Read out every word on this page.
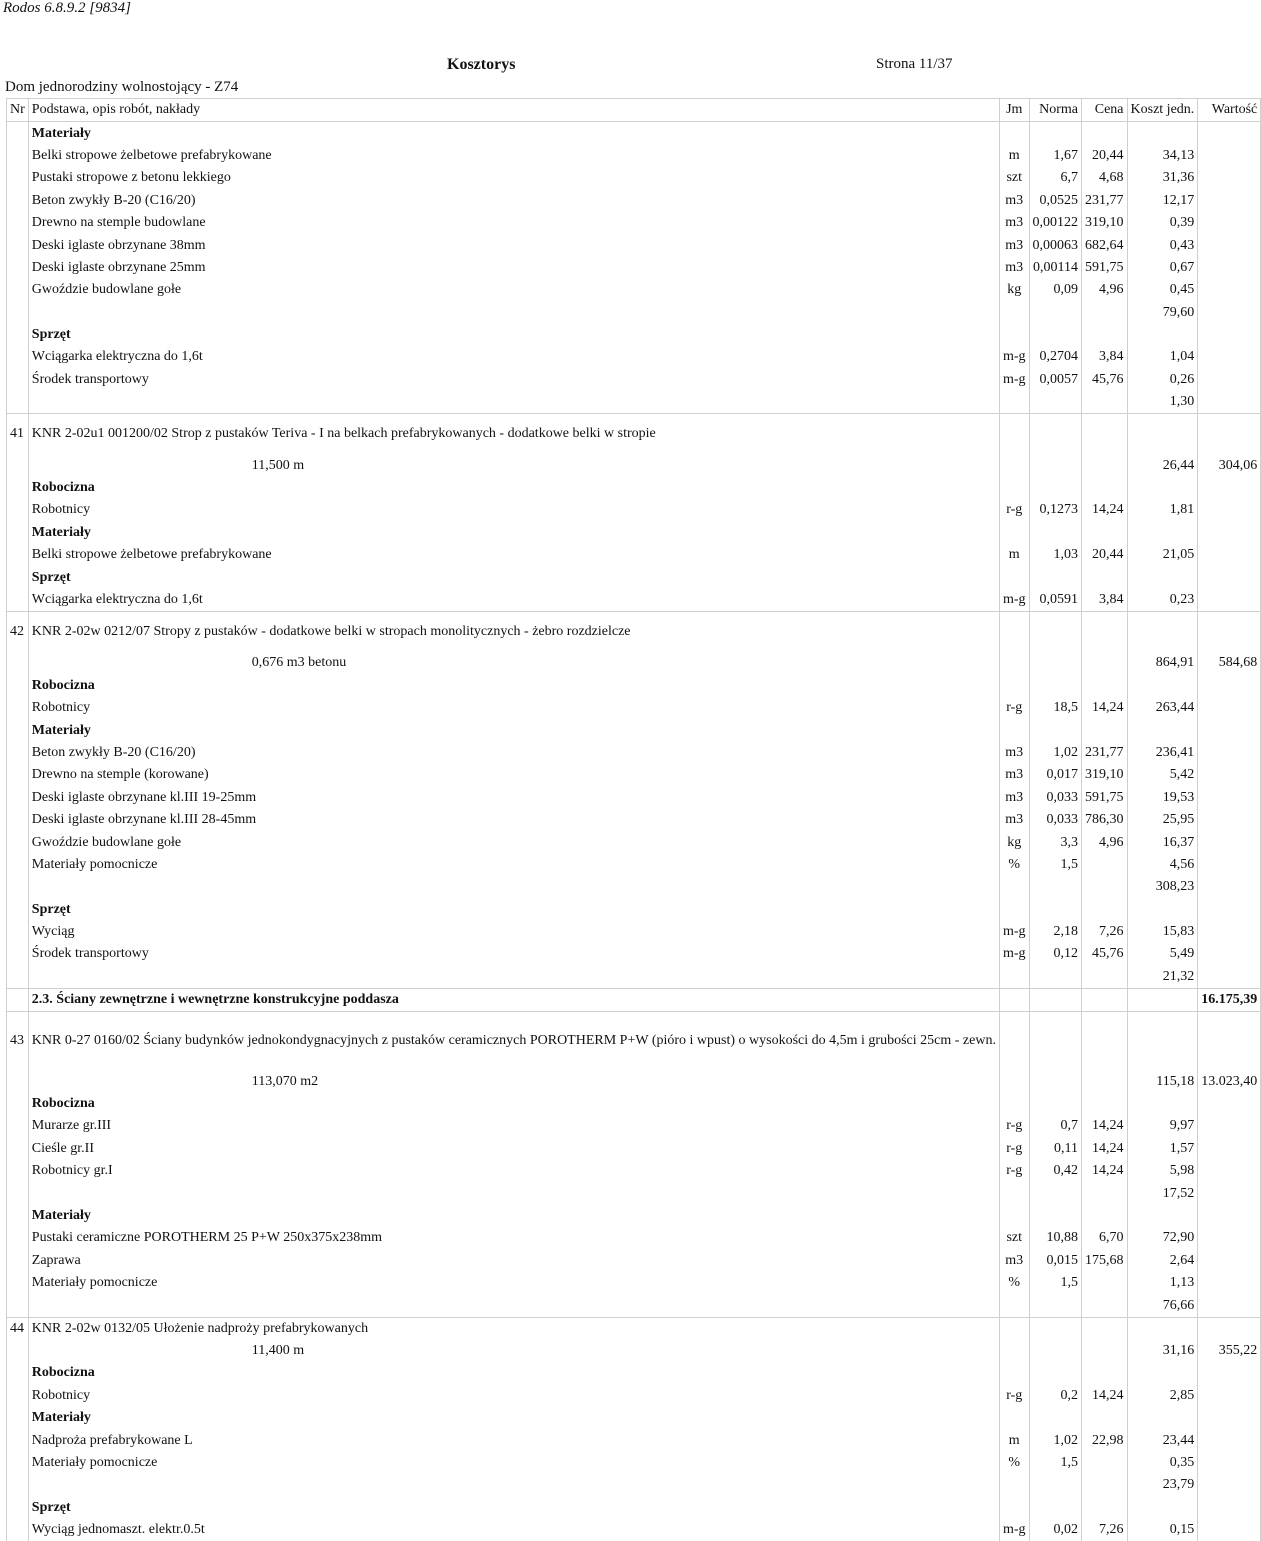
Rodos 6.8.9.2 [9834]
Kosztorys	Strona 11/37
Dom jednorodziny wolnostojący - Z74
Nr	Podstawa, opis robót, nakłady	Jm	Norma	Cena	Koszt jedn.	Wartość
	Materiały					
	Belki stropowe żelbetowe prefabrykowane	m	1,67	20,44	34,13	
	Pustaki stropowe z betonu lekkiego	szt	6,7	4,68	31,36	
	Beton zwykły B-20 (C16/20)	m3	0,0525	231,77	12,17	
	Drewno na stemple budowlane	m3	0,00122	319,10	0,39	
	Deski iglaste obrzynane 38mm	m3	0,00063	682,64	0,43	
	Deski iglaste obrzynane 25mm	m3	0,00114	591,75	0,67	
	Gwoździe budowlane gołe	kg	0,09	4,96	0,45	
					79,60	
	Sprzęt					
	Wciągarka elektryczna do 1,6t	m-g	0,2704	3,84	1,04	
	Środek transportowy	m-g	0,0057	45,76	0,26	
					1,30	
41	KNR 2-02u1 001200/02 Strop z pustaków Teriva - I na belkach prefabrykowanych - dodatkowe belki w stropie					
	11,500 m				26,44	304,06
	Robocizna					
	Robotnicy	r-g	0,1273	14,24	1,81	
	Materiały					
	Belki stropowe żelbetowe prefabrykowane	m	1,03	20,44	21,05	
	Sprzęt					
	Wciągarka elektryczna do 1,6t	m-g	0,0591	3,84	0,23	
42	KNR 2-02w 0212/07 Stropy z pustaków - dodatkowe belki w stropach monolitycznych - żebro rozdzielcze					
	0,676 m3 betonu				864,91	584,68
	Robocizna					
	Robotnicy	r-g	18,5	14,24	263,44	
	Materiały					
	Beton zwykły B-20 (C16/20)	m3	1,02	231,77	236,41	
	Drewno na stemple (korowane)	m3	0,017	319,10	5,42	
	Deski iglaste obrzynane kl.III 19-25mm	m3	0,033	591,75	19,53	
	Deski iglaste obrzynane kl.III 28-45mm	m3	0,033	786,30	25,95	
	Gwoździe budowlane gołe	kg	3,3	4,96	16,37	
	Materiały pomocnicze	%	1,5		4,56	
					308,23	
	Sprzęt					
	Wyciąg	m-g	2,18	7,26	15,83	
	Środek transportowy	m-g	0,12	45,76	5,49	
					21,32	
	2.3. Ściany zewnętrzne i wewnętrzne konstrukcyjne poddasza					16.175,39
43	KNR 0-27 0160/02 Ściany budynków jednokondygnacyjnych z pustaków ceramicznych POROTHERM P+W (pióro i wpust) o wysokości do 4,5m i grubości 25cm - zewn.					
	113,070 m2				115,18	13.023,40
	Robocizna					
	Murarze gr.III	r-g	0,7	14,24	9,97	
	Cieśle gr.II	r-g	0,11	14,24	1,57	
	Robotnicy gr.I	r-g	0,42	14,24	5,98	
					17,52	
	Materiały					
	Pustaki ceramiczne POROTHERM 25 P+W 250x375x238mm	szt	10,88	6,70	72,90	
	Zaprawa	m3	0,015	175,68	2,64	
	Materiały pomocnicze	%	1,5		1,13	
					76,66	
44	KNR 2-02w 0132/05 Ułożenie nadproży prefabrykowanych					
	11,400 m				31,16	355,22
	Robocizna					
	Robotnicy	r-g	0,2	14,24	2,85	
	Materiały					
	Nadproża prefabrykowane L	m	1,02	22,98	23,44	
	Materiały pomocnicze	%	1,5		0,35	
					23,79	
	Sprzęt					
	Wyciąg jednomaszt. elektr.0.5t	m-g	0,02	7,26	0,15	
